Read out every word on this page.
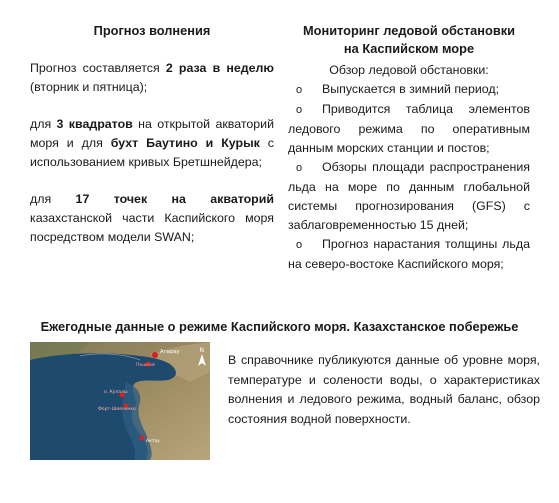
Прогноз волнения

Прогноз составляется 2 раза в неделю (вторник и пятница);

для 3 квадратов на открытой акваторий моря и для бухт Баутино и Курык с использованием кривых Бретшнейдера;

для 17 точек на акваторий казахстанской части Каспийского моря посредством модели SWAN;

Мониторинг ледовой обстановки
на Каспийском море

Обзор ледовой обстановки:

o Выпускается в зимний период;
o Приводится таблица элементов ледового режима по оперативным данным морских станции и постов;
o Обзоры площади распространения льда на море по данным глобальной системы прогнозирования (GFS) с заблаговременностью 15 дней;
o Прогноз нарастания толщины льда на северо-востоке Каспийского моря;
Ежегодные данные о режиме Каспийского моря. Казахстанское побережье
Атырау
Пешной
о. Кулалы
Форт-Шевченко
Актау
N
В справочнике публикуются данные об уровне моря, температуре и солености воды, о характеристиках волнения и ледового режима, водный баланс, обзор состояния водной поверхности.
